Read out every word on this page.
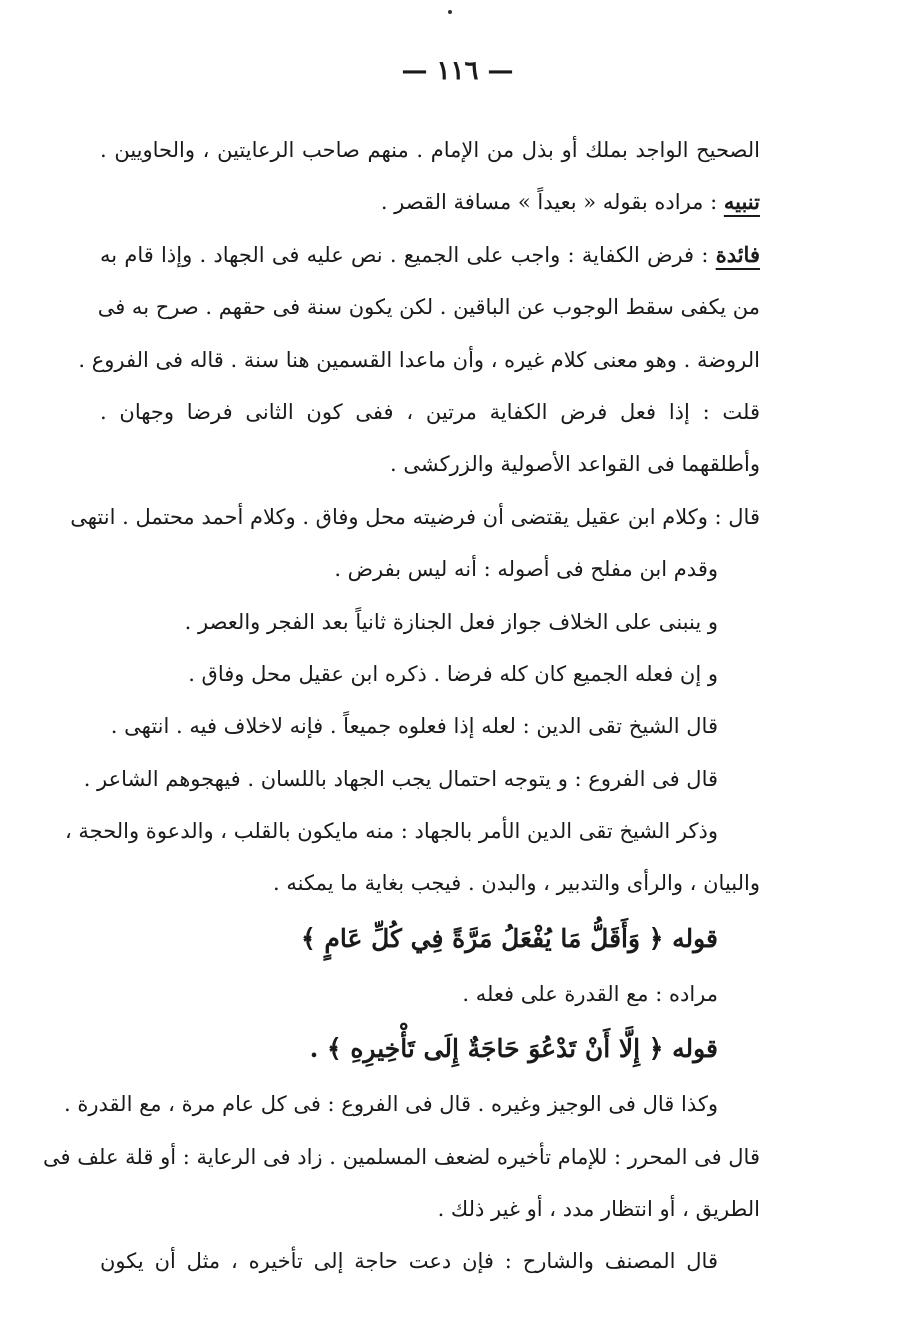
— ١١٦ —
الصحيح الواجد بملك أو بذل من الإمام . منهم صاحب الرعايتين ، والحاويين .
تنبيه : مراده بقوله « بعيداً » مسافة القصر .
فائدة : فرض الكفاية : واجب على الجميع . نص عليه فى الجهاد . وإذا قام به
من يكفى سقط الوجوب عن الباقين . لكن يكون سنة فى حقهم . صرح به فى
الروضة . وهو معنى كلام غيره ، وأن ماعدا القسمين هنا سنة . قاله فى الفروع .
قلت : إذا فعل فرض الكفاية مرتين ، ففى كون الثانى فرضا وجهان .
وأطلقهما فى القواعد الأصولية والزركشى .
قال : وكلام ابن عقيل يقتضى أن فرضيته محل وفاق . وكلام أحمد محتمل . انتهى
وقدم ابن مفلح فى أصوله : أنه ليس بفرض .
و ينبنى على الخلاف جواز فعل الجنازة ثانياً بعد الفجر والعصر .
و إن فعله الجميع كان كله فرضا . ذكره ابن عقيل محل وفاق .
قال الشيخ تقى الدين : لعله إذا فعلوه جميعاً . فإنه لاخلاف فيه . انتهى .
قال فى الفروع : و يتوجه احتمال يجب الجهاد باللسان . فيهجوهم الشاعر .
وذكر الشيخ تقى الدين الأمر بالجهاد : منه مايكون بالقلب ، والدعوة والحجة ،
والبيان ، والرأى والتدبير ، والبدن . فيجب بغاية ما يمكنه .
قوله ﴿ وَأَقَلُّ مَا يُفْعَلُ مَرَّةً فِي كُلِّ عَامٍ ﴾
مراده : مع القدرة على فعله .
قوله ﴿ إِلَّا أَنْ تَدْعُوَ حَاجَةٌ إِلَى تَأْخِيرِهِ ﴾ .
وكذا قال فى الوجيز وغيره . قال فى الفروع : فى كل عام مرة ، مع القدرة .
قال فى المحرر : للإمام تأخيره لضعف المسلمين . زاد فى الرعاية : أو قلة علف فى
الطريق ، أو انتظار مدد ، أو غير ذلك .
قال المصنف والشارح : فإن دعت حاجة إلى تأخيره ، مثل أن يكون
